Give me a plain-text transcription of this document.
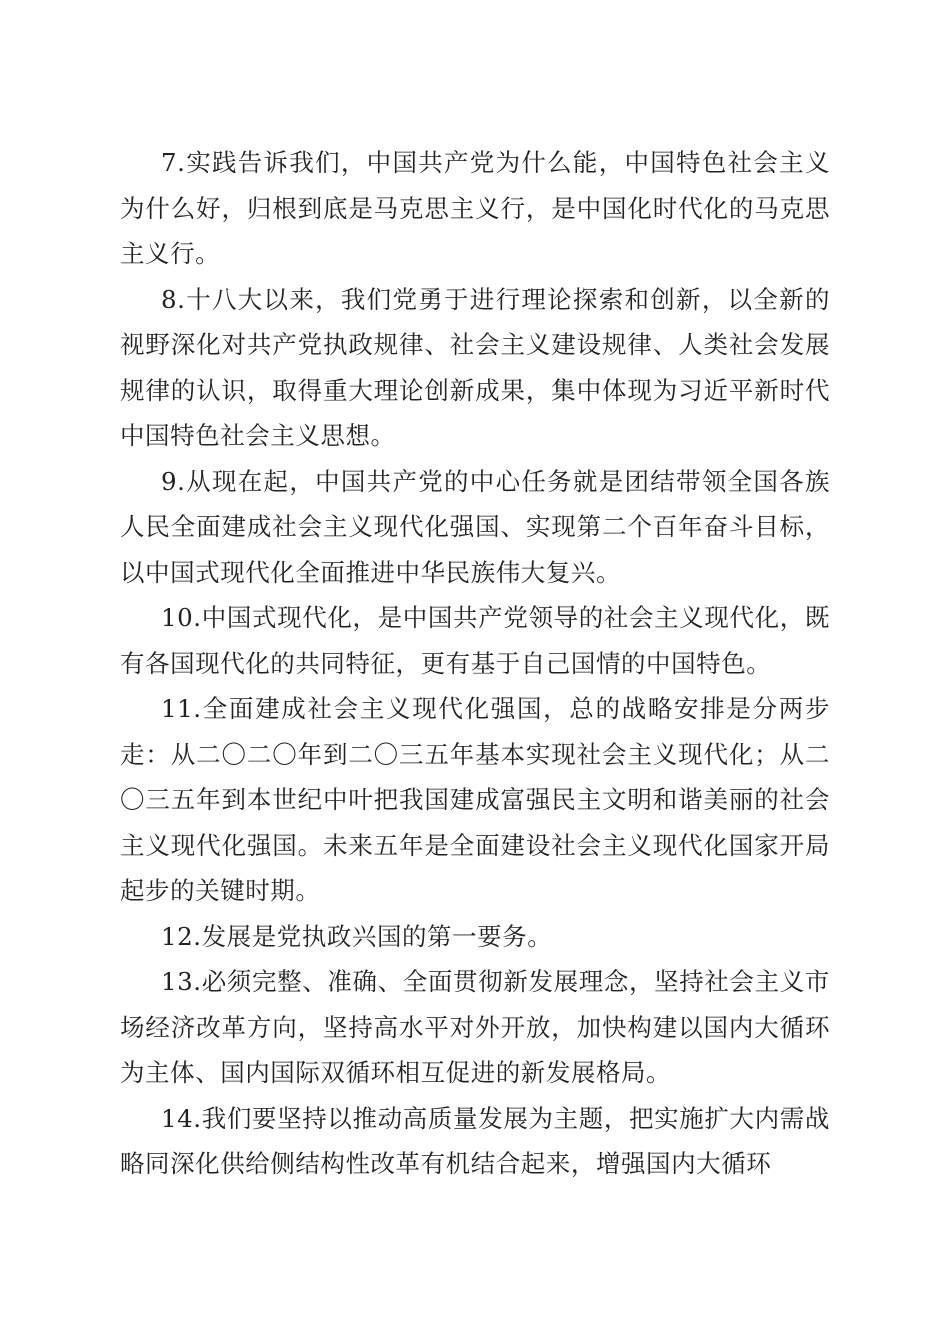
7.实践告诉我们，中国共产党为什么能，中国特色社会主义为什么好，归根到底是马克思主义行，是中国化时代化的马克思主义行。

8.十八大以来，我们党勇于进行理论探索和创新，以全新的视野深化对共产党执政规律、社会主义建设规律、人类社会发展规律的认识，取得重大理论创新成果，集中体现为习近平新时代中国特色社会主义思想。

9.从现在起，中国共产党的中心任务就是团结带领全国各族人民全面建成社会主义现代化强国、实现第二个百年奋斗目标，以中国式现代化全面推进中华民族伟大复兴。

10.中国式现代化，是中国共产党领导的社会主义现代化，既有各国现代化的共同特征，更有基于自己国情的中国特色。

11.全面建成社会主义现代化强国，总的战略安排是分两步走：从二〇二〇年到二〇三五年基本实现社会主义现代化；从二〇三五年到本世纪中叶把我国建成富强民主文明和谐美丽的社会主义现代化强国。未来五年是全面建设社会主义现代化国家开局起步的关键时期。

12.发展是党执政兴国的第一要务。

13.必须完整、准确、全面贯彻新发展理念，坚持社会主义市场经济改革方向，坚持高水平对外开放，加快构建以国内大循环为主体、国内国际双循环相互促进的新发展格局。

14.我们要坚持以推动高质量发展为主题，把实施扩大内需战略同深化供给侧结构性改革有机结合起来，增强国内大循环
